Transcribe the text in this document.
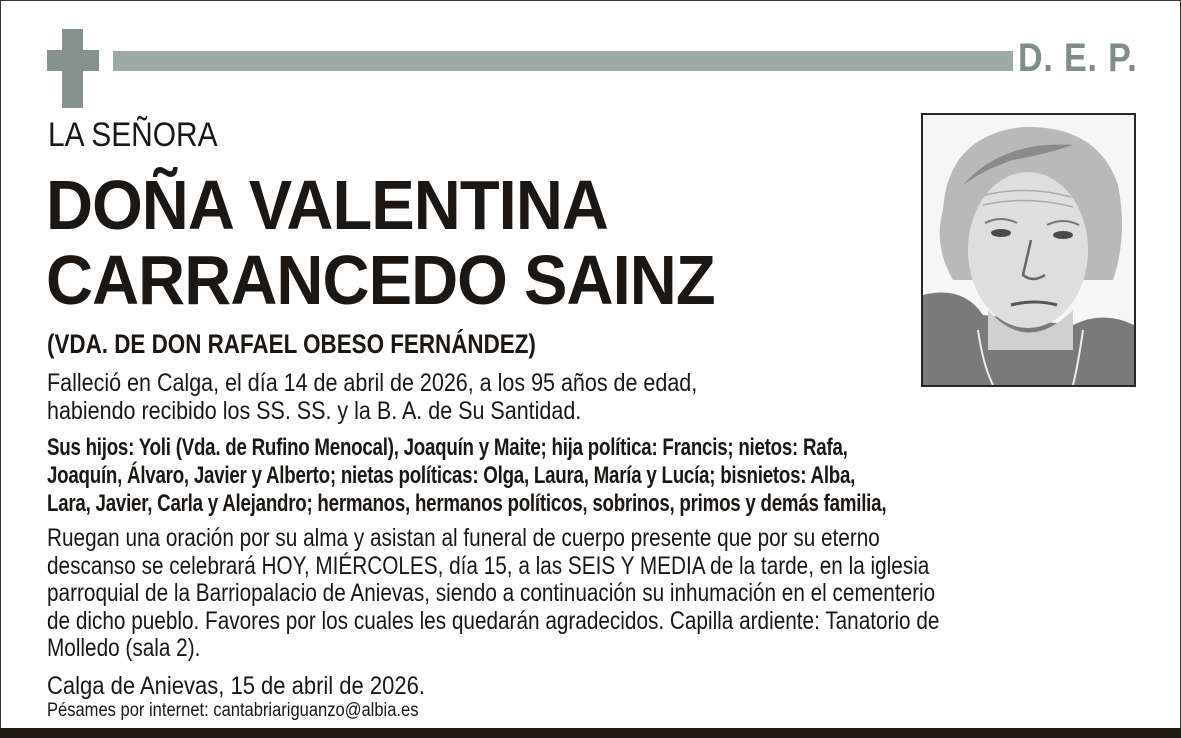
D. E. P.
LA SEÑORA
DOÑA VALENTINA
CARRANCEDO SAINZ
(VDA. DE DON RAFAEL OBESO FERNÁNDEZ)
Falleció en Calga, el día 14 de abril de 2026, a los 95 años de edad,
habiendo recibido los SS. SS. y la B. A. de Su Santidad.
Sus hijos: Yoli (Vda. de Rufino Menocal), Joaquín y Maite; hija política: Francis; nietos: Rafa,
Joaquín, Álvaro, Javier y Alberto; nietas políticas: Olga, Laura, María y Lucía; bisnietos: Alba,
Lara, Javier, Carla y Alejandro; hermanos, hermanos políticos, sobrinos, primos y demás familia,
Ruegan una oración por su alma y asistan al funeral de cuerpo presente que por su eterno
descanso se celebrará HOY, MIÉRCOLES, día 15, a las SEIS Y MEDIA de la tarde, en la iglesia
parroquial de la Barriopalacio de Anievas, siendo a continuación su inhumación en el cementerio
de dicho pueblo. Favores por los cuales les quedarán agradecidos. Capilla ardiente: Tanatorio de
Molledo (sala 2).
Calga de Anievas, 15 de abril de 2026.
Pésames por internet: cantabriariguanzo@albia.es
